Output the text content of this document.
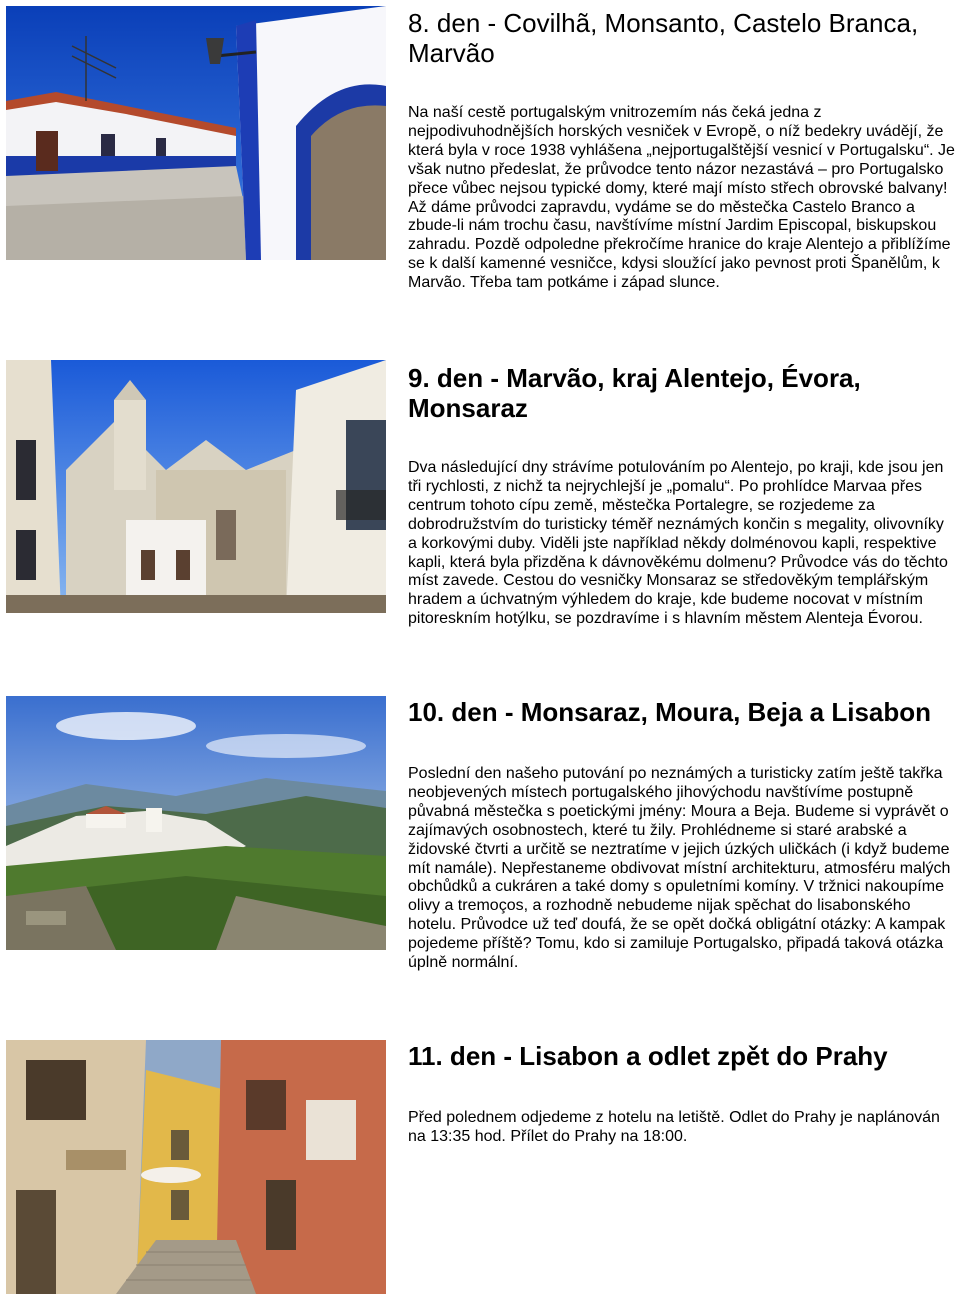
8. den - Covilhã, Monsanto, Castelo Branca, Marvão

Na naší cestě portugalským vnitrozemím nás čeká jedna z nejpodivuhodnějších horských vesniček v Evropě, o níž bedekry uvádějí, že která byla v roce 1938 vyhlášena „nejportugalštější vesnicí v Portugalsku“. Je však nutno předeslat, že průvodce tento názor nezastává – pro Portugalsko přece vůbec nejsou typické domy, které mají místo střech obrovské balvany! Až dáme průvodci zapravdu, vydáme se do městečka Castelo Branco a zbude-li nám trochu času, navštívíme místní Jardim Episcopal, biskupskou zahradu. Pozdě odpoledne překročíme hranice do kraje Alentejo a přiblížíme se k další kamenné vesničce, kdysi sloužící jako pevnost proti Španělům, k Marvão. Třeba tam potkáme i západ slunce.

9. den - Marvão, kraj Alentejo, Évora, Monsaraz

Dva následující dny strávíme potulováním po Alentejo, po kraji, kde jsou jen tři rychlosti, z nichž ta nejrychlejší je „pomalu“. Po prohlídce Marvaa přes centrum tohoto cípu země, městečka Portalegre, se rozjedeme za dobrodružstvím do turisticky téměř neznámých končin s megality, olivovníky a korkovými duby. Viděli jste například někdy dolménovou kapli, respektive kapli, která byla přizděna k dávnověkému dolmenu? Průvodce vás do těchto míst zavede. Cestou do vesničky Monsaraz se středověkým templářským hradem a úchvatným výhledem do kraje, kde budeme nocovat v místním pitoreskním hotýlku, se pozdravíme i s hlavním městem Alenteja Évorou.

10. den - Monsaraz, Moura, Beja a Lisabon

Poslední den našeho putování po neznámých a turisticky zatím ještě takřka neobjevených místech portugalského jihovýchodu navštívíme postupně půvabná městečka s poetickými jmény: Moura a Beja. Budeme si vyprávět o zajímavých osobnostech, které tu žily. Prohlédneme si staré arabské a židovské čtvrti a určitě se neztratíme v jejich úzkých uličkách (i když budeme mít namále). Nepřestaneme obdivovat místní architekturu, atmosféru malých obchůdků a cukráren a také domy s opuletními komíny. V tržnici nakoupíme olivy a tremoços, a rozhodně nebudeme nijak spěchat do lisabonského hotelu. Průvodce už teď doufá, že se opět dočká obligátní otázky: A kampak pojedeme příště? Tomu, kdo si zamiluje Portugalsko, připadá taková otázka úplně normální.

11. den - Lisabon a odlet zpět do Prahy

Před polednem odjedeme z hotelu na letiště. Odlet do Prahy je naplánován na 13:35 hod. Přílet do Prahy na 18:00.
